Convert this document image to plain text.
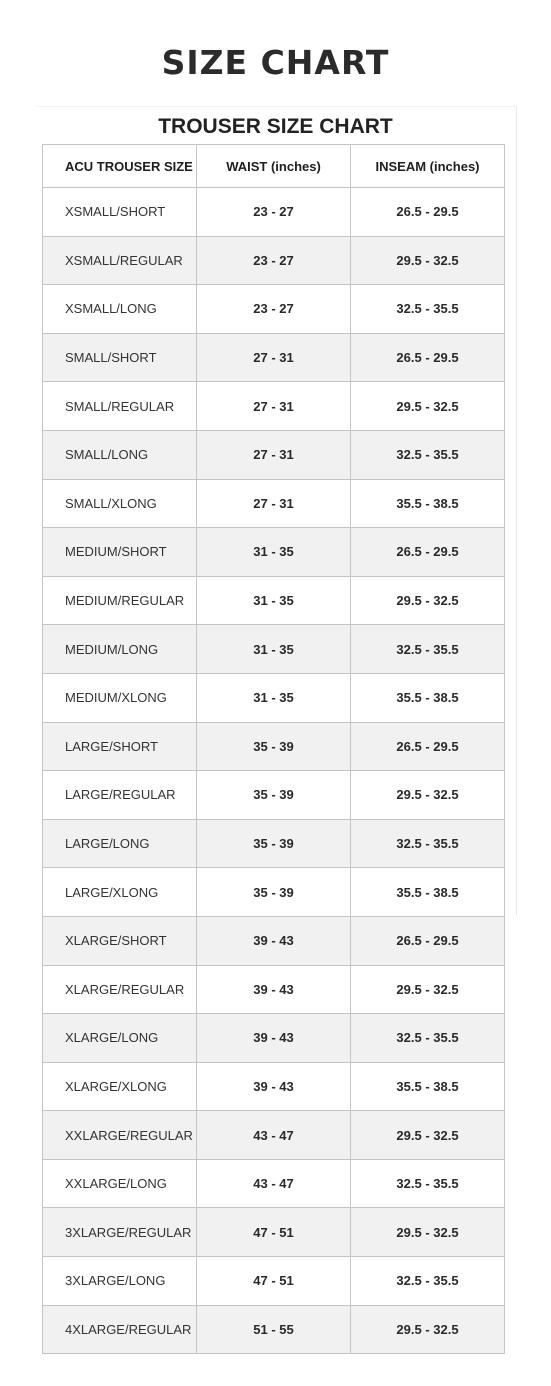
SIZE CHART
TROUSER SIZE CHART
ACU TROUSER SIZE	WAIST (inches)	INSEAM (inches)
XSMALL/SHORT	23 - 27	26.5 - 29.5
XSMALL/REGULAR	23 - 27	29.5 - 32.5
XSMALL/LONG	23 - 27	32.5 - 35.5
SMALL/SHORT	27 - 31	26.5 - 29.5
SMALL/REGULAR	27 - 31	29.5 - 32.5
SMALL/LONG	27 - 31	32.5 - 35.5
SMALL/XLONG	27 - 31	35.5 - 38.5
MEDIUM/SHORT	31 - 35	26.5 - 29.5
MEDIUM/REGULAR	31 - 35	29.5 - 32.5
MEDIUM/LONG	31 - 35	32.5 - 35.5
MEDIUM/XLONG	31 - 35	35.5 - 38.5
LARGE/SHORT	35 - 39	26.5 - 29.5
LARGE/REGULAR	35 - 39	29.5 - 32.5
LARGE/LONG	35 - 39	32.5 - 35.5
LARGE/XLONG	35 - 39	35.5 - 38.5
XLARGE/SHORT	39 - 43	26.5 - 29.5
XLARGE/REGULAR	39 - 43	29.5 - 32.5
XLARGE/LONG	39 - 43	32.5 - 35.5
XLARGE/XLONG	39 - 43	35.5 - 38.5
XXLARGE/REGULAR	43 - 47	29.5 - 32.5
XXLARGE/LONG	43 - 47	32.5 - 35.5
3XLARGE/REGULAR	47 - 51	29.5 - 32.5
3XLARGE/LONG	47 - 51	32.5 - 35.5
4XLARGE/REGULAR	51 - 55	29.5 - 32.5
